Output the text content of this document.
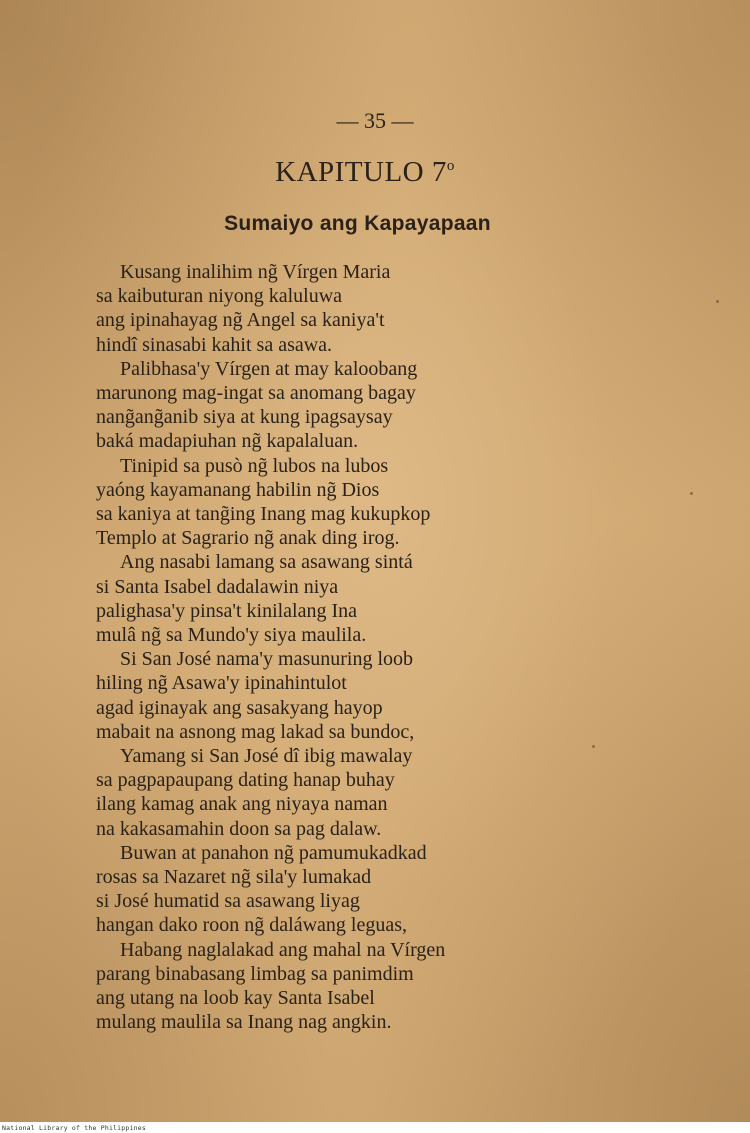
— 35 —
KAPITULO 7$^o$
Sumaiyo ang Kapayapaan
Kusang inalihim ng̃ Vírgen Maria
sa kaibuturan niyong kaluluwa
ang ipinahayag ng̃ Angel sa kaniya't
hindî sinasabi kahit sa asawa.
Palibhasa'y Vírgen at may kaloobang
marunong mag-ingat sa anomang bagay
nang̃ang̃anib siya at kung ipagsaysay
baká madapiuhan ng̃ kapalaluan.
Tinipid sa pusò ng̃ lubos na lubos
yaóng kayamanang habilin ng̃ Dios
sa kaniya at tang̃ing Inang mag kukupkop
Templo at Sagrario ng̃ anak ding irog.
Ang nasabi lamang sa asawang sintá
si Santa Isabel dadalawin niya
palighasa'y pinsa't kinilalang Ina
mulâ ng̃ sa Mundo'y siya maulila.
Si San José nama'y masunuring loob
hiling ng̃ Asawa'y ipinahintulot
agad iginayak ang sasakyang hayop
mabait na asnong mag lakad sa bundoc,
Yamang si San José dî ibig mawalay
sa pagpapaupang dating hanap buhay
ilang kamag anak ang niyaya naman
na kakasamahin doon sa pag dalaw.
Buwan at panahon ng̃ pamumukadkad
rosas sa Nazaret ng̃ sila'y lumakad
si José humatid sa asawang liyag
hangan dako roon ng̃ daláwang leguas,
Habang naglalakad ang mahal na Vírgen
parang binabasang limbag sa panimdim
ang utang na loob kay Santa Isabel
mulang maulila sa Inang nag angkin.
National Library of the Philippines
